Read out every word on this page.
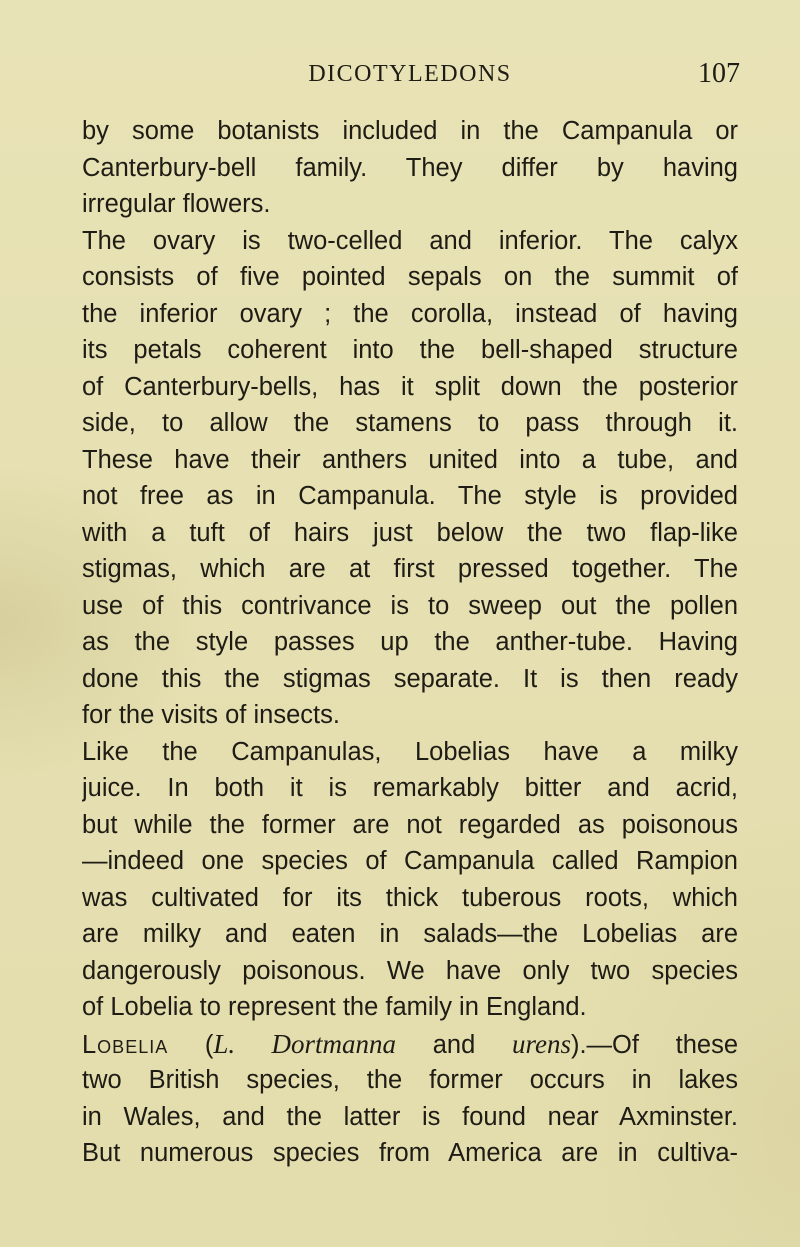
DICOTYLEDONS	107
by some botanists included in the Campanula or
Canterbury-bell family. They differ by having
irregular flowers.
The ovary is two-celled and inferior. The calyx
consists of five pointed sepals on the summit of
the inferior ovary ; the corolla, instead of having
its petals coherent into the bell-shaped structure
of Canterbury-bells, has it split down the posterior
side, to allow the stamens to pass through it.
These have their anthers united into a tube, and
not free as in Campanula. The style is provided
with a tuft of hairs just below the two flap-like
stigmas, which are at first pressed together. The
use of this contrivance is to sweep out the pollen
as the style passes up the anther-tube. Having
done this the stigmas separate. It is then ready
for the visits of insects.
Like the Campanulas, Lobelias have a milky
juice. In both it is remarkably bitter and acrid,
but while the former are not regarded as poisonous
—indeed one species of Campanula called Rampion
was cultivated for its thick tuberous roots, which
are milky and eaten in salads—the Lobelias are
dangerously poisonous. We have only two species
of Lobelia to represent the family in England.
Lobelia (L. Dortmanna and urens).—Of these
two British species, the former occurs in lakes
in Wales, and the latter is found near Axminster.
But numerous species from America are in cultiva-
